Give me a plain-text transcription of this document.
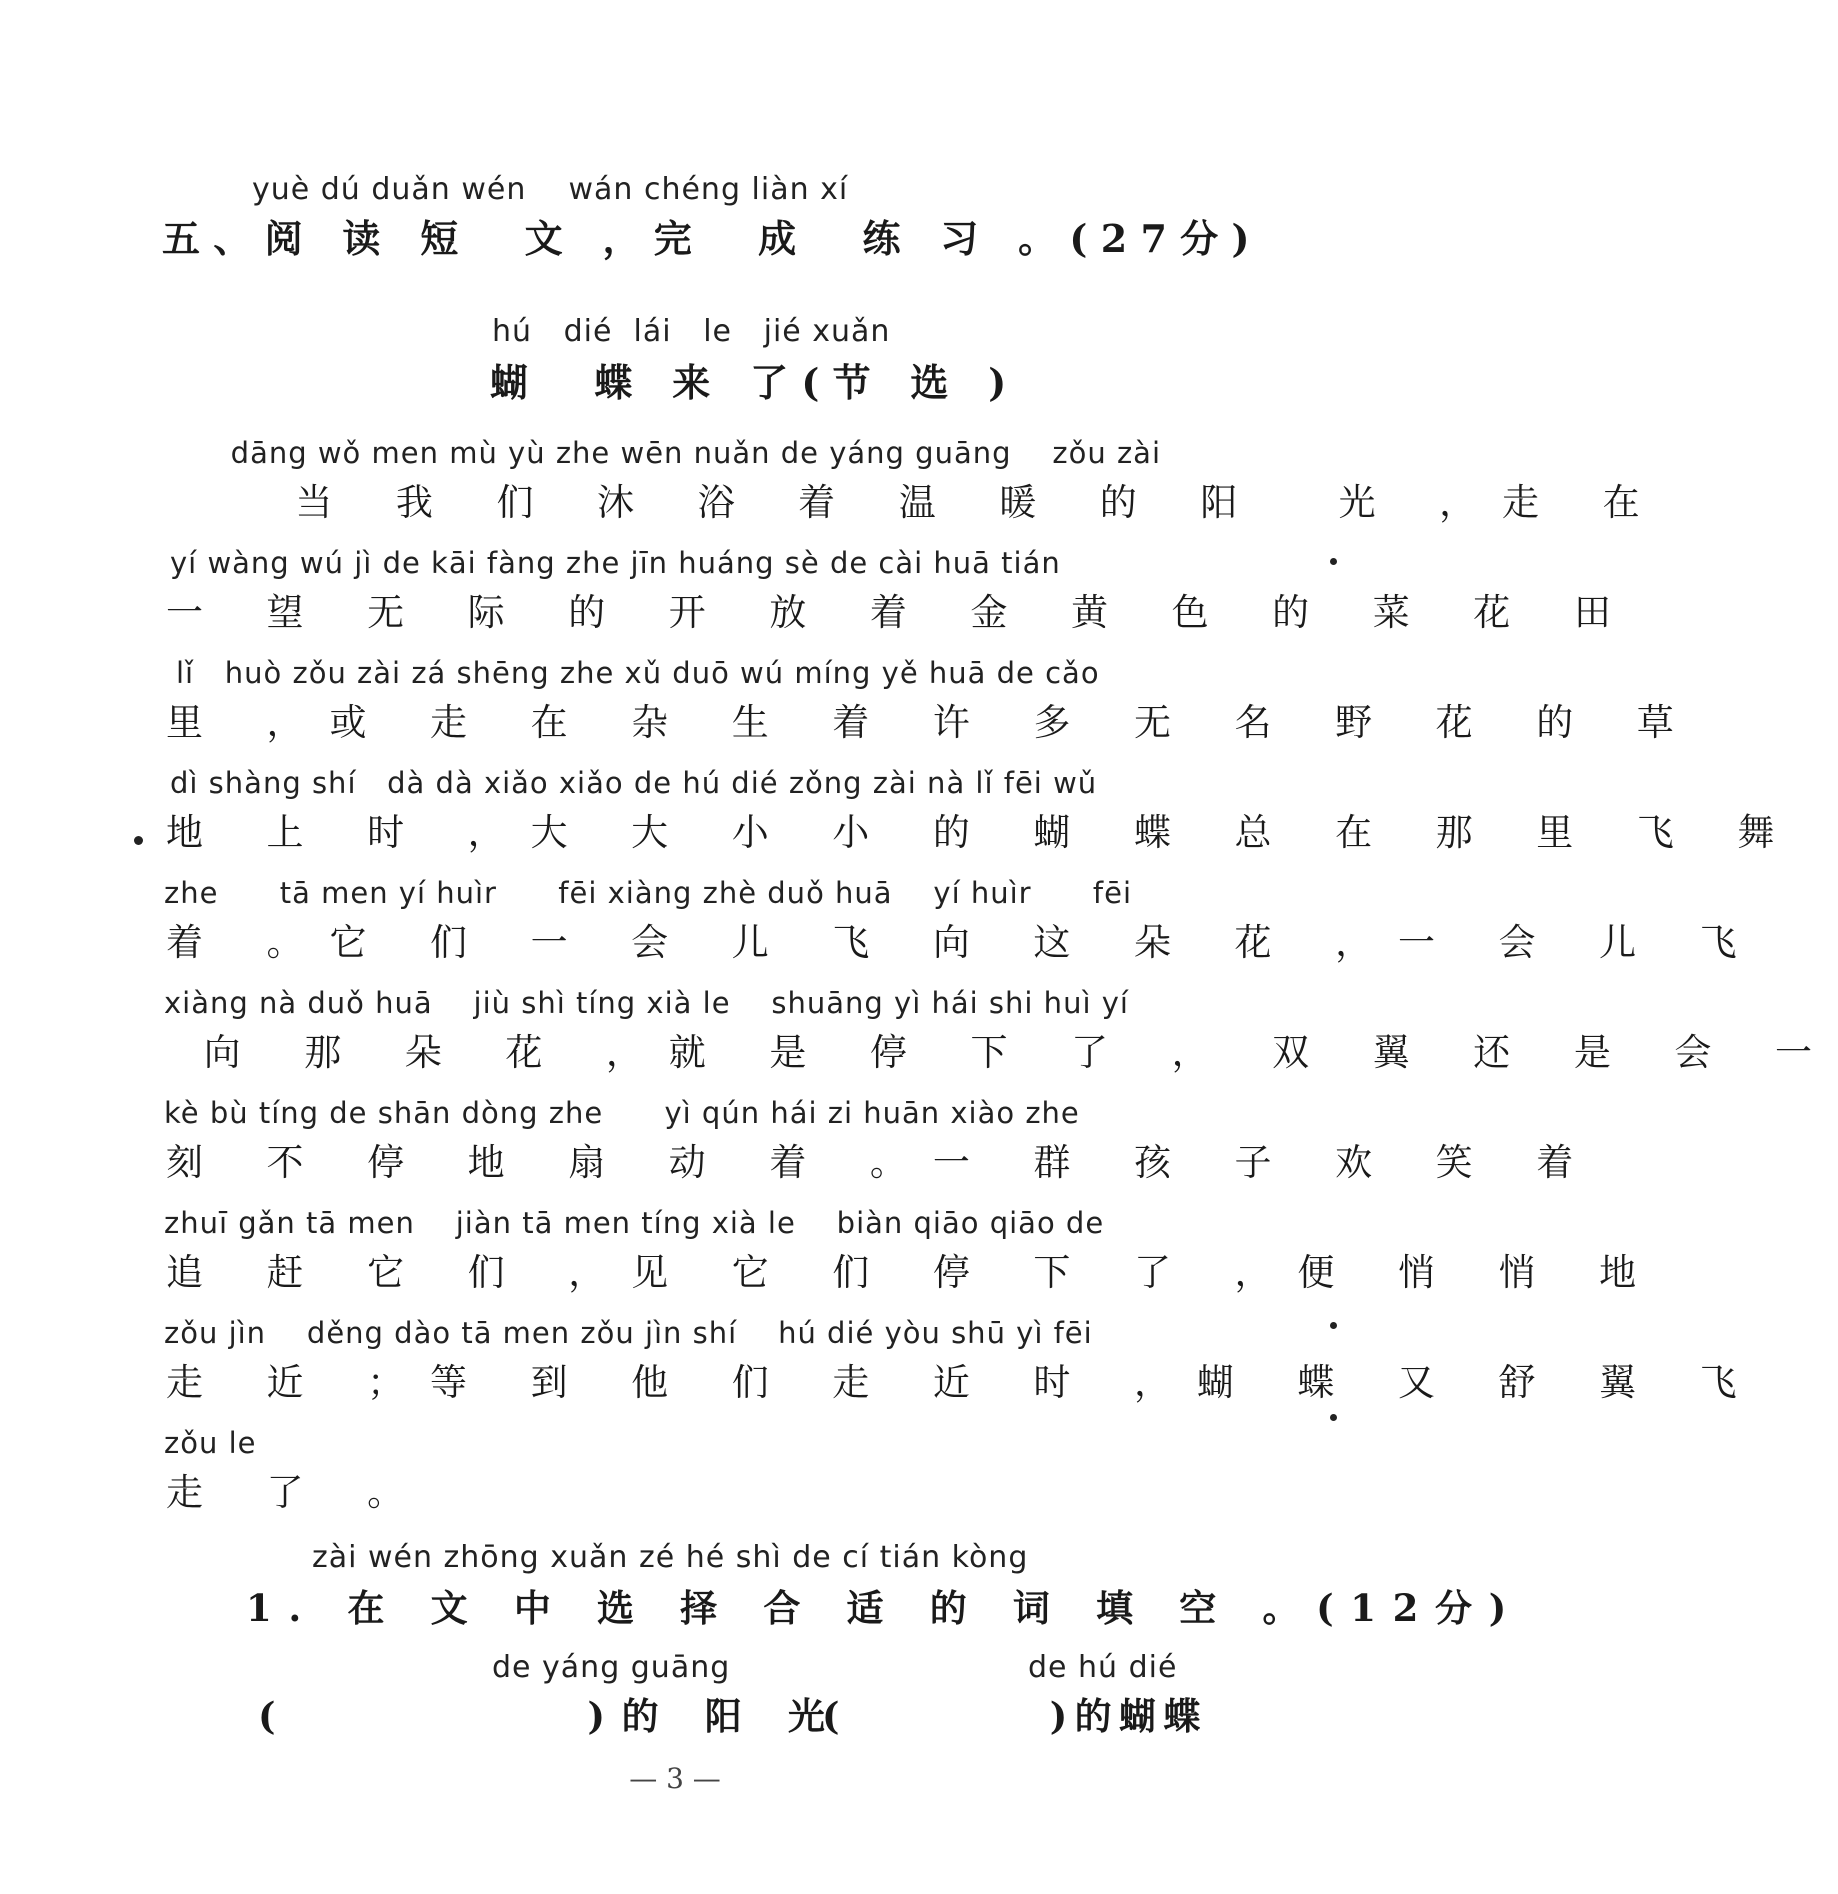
yuè dú duǎn wén    wán chéng liàn xí
五、阅 读 短  文 ，完  成  练 习 。(27分)
hú   dié  lái   le   jié xuǎn
蝴  蝶 来 了(节 选 )
dāng wǒ men mù yù zhe wēn nuǎn de yáng guāng    zǒu zài
当 我 们 沐 浴 着 温 暖 的 阳  光 ，走 在
yí wàng wú jì de kāi fàng zhe jīn huáng sè de cài huā tián
一 望 无 际 的 开 放 着 金 黄 色 的 菜 花 田
lǐ   huò zǒu zài zá shēng zhe xǔ duō wú míng yě huā de cǎo
里 ，或 走 在 杂 生 着 许 多 无 名 野 花 的 草
dì shàng shí   dà dà xiǎo xiǎo de hú dié zǒng zài nà lǐ fēi wǔ
地 上 时 ，大 大 小 小 的 蝴 蝶 总 在 那 里 飞 舞
zhe      tā men yí huìr      fēi xiàng zhè duǒ huā    yí huìr      fēi
着 。它 们 一 会 儿 飞 向 这 朵 花 ，一 会 儿 飞
xiàng nà duǒ huā    jiù shì tíng xià le    shuāng yì hái shi huì yí
向 那 朵 花 ，就 是 停 下 了 ， 双 翼 还 是 会 一
kè bù tíng de shān dòng zhe      yì qún hái zi huān xiào zhe
刻 不 停 地 扇 动 着 。一 群 孩 子 欢 笑 着
zhuī gǎn tā men    jiàn tā men tíng xià le    biàn qiāo qiāo de
追 赶 它 们 ，见 它 们 停 下 了 ，便 悄 悄 地
zǒu jìn    děng dào tā men zǒu jìn shí    hú dié yòu shū yì fēi
走 近 ；等 到 他 们 走 近 时 ，蝴 蝶 又 舒 翼 飞
zǒu le
走 了 。
zài wén zhōng xuǎn zé hé shì de cí tián kòng
1. 在 文 中 选 择 合 适 的 词 填 空 。(12分)
de yáng guāng
(          )的 阳 光
de hú dié
(          )的蝴蝶
— 3 —
